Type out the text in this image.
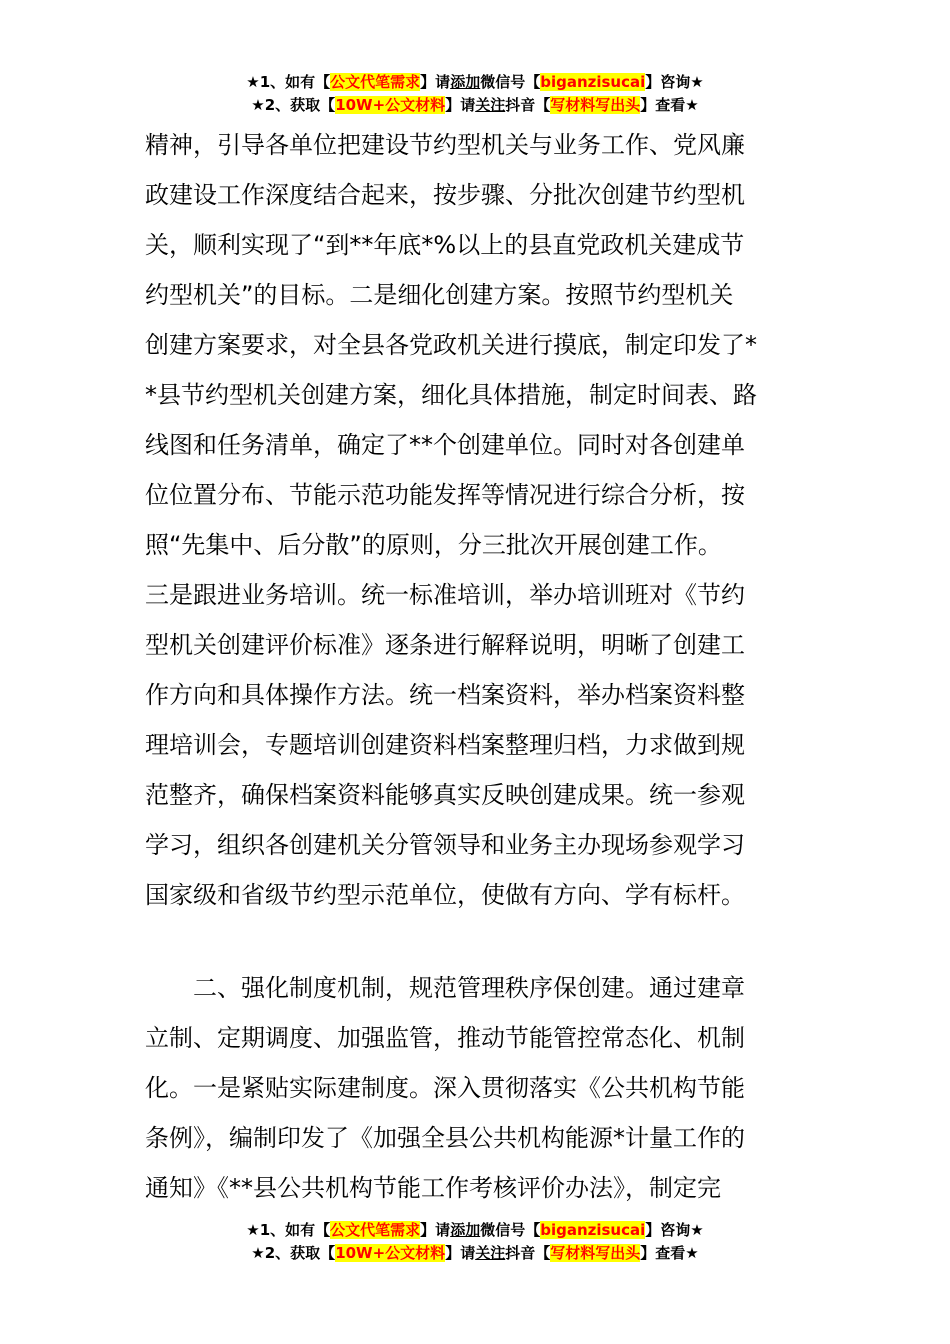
★1、如有【公文代笔需求】请添加微信号【biganzisucai】咨询★
★2、获取【10W+公文材料】请关注抖音【写材料写出头】查看★
精神，引导各单位把建设节约型机关与业务工作、党风廉
政建设工作深度结合起来，按步骤、分批次创建节约型机
关，顺利实现了“到**年底*%以上的县直党政机关建成节
约型机关”的目标。二是细化创建方案。按照节约型机关
创建方案要求，对全县各党政机关进行摸底，制定印发了*
*县节约型机关创建方案，细化具体措施，制定时间表、路
线图和任务清单，确定了**个创建单位。同时对各创建单
位位置分布、节能示范功能发挥等情况进行综合分析，按
照“先集中、后分散”的原则，分三批次开展创建工作。
三是跟进业务培训。统一标准培训，举办培训班对《节约
型机关创建评价标准》逐条进行解释说明，明晰了创建工
作方向和具体操作方法。统一档案资料，举办档案资料整
理培训会，专题培训创建资料档案整理归档，力求做到规
范整齐，确保档案资料能够真实反映创建成果。统一参观
学习，组织各创建机关分管领导和业务主办现场参观学习
国家级和省级节约型示范单位，使做有方向、学有标杆。
　　二、强化制度机制，规范管理秩序保创建。通过建章
立制、定期调度、加强监管，推动节能管控常态化、机制
化。一是紧贴实际建制度。深入贯彻落实《公共机构节能
条例》，编制印发了《加强全县公共机构能源*计量工作的
通知》《**县公共机构节能工作考核评价办法》，制定完
★1、如有【公文代笔需求】请添加微信号【biganzisucai】咨询★
★2、获取【10W+公文材料】请关注抖音【写材料写出头】查看★
